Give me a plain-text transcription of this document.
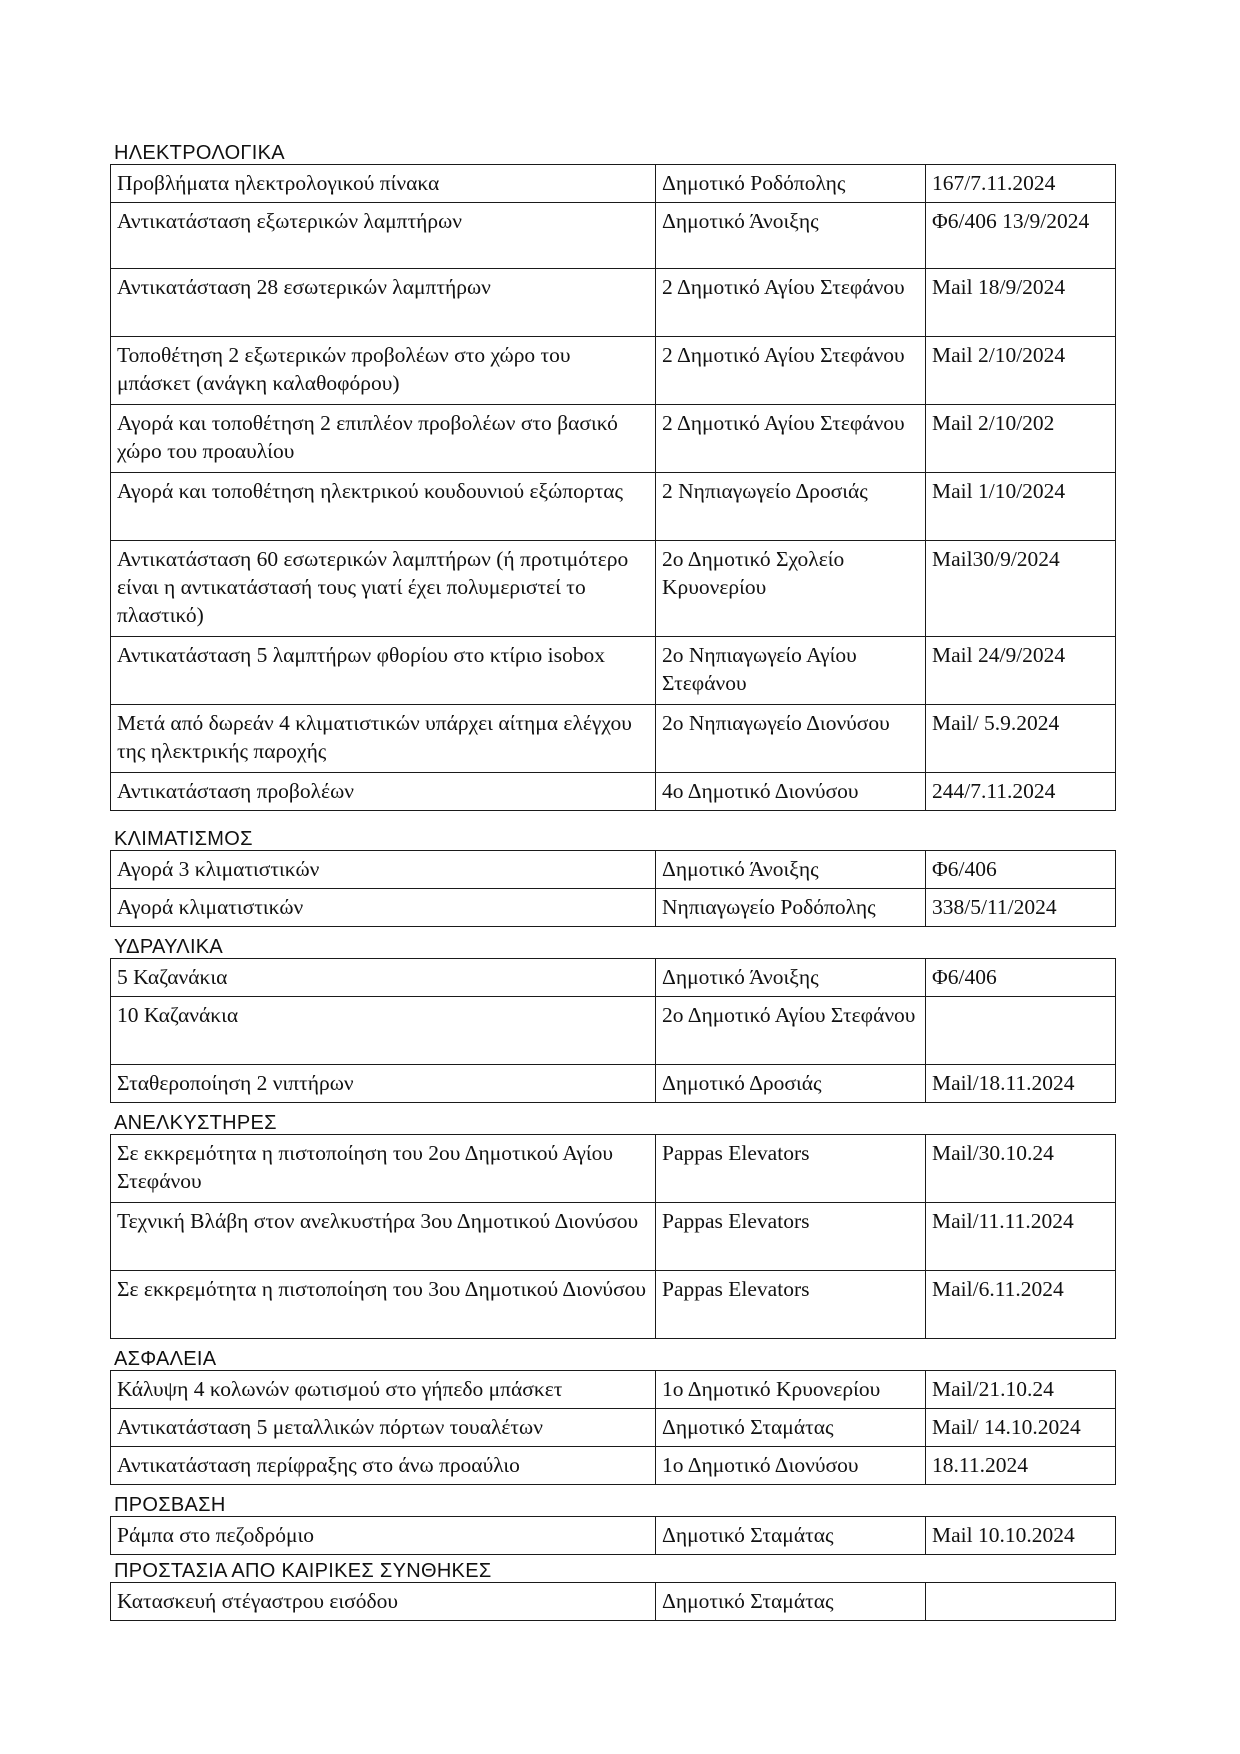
ΗΛΕΚΤΡΟΛΟΓΙΚΑ
Προβλήματα ηλεκτρολογικού πίνακα	Δημοτικό Ροδόπολης	167/7.11.2024
Αντικατάσταση εξωτερικών λαμπτήρων	Δημοτικό Άνοιξης	Φ6/406 13/9/2024
Αντικατάσταση 28 εσωτερικών λαμπτήρων	2 Δημοτικό Αγίου Στεφάνου	Mail 18/9/2024
Τοποθέτηση 2 εξωτερικών προβολέων στο χώρο του μπάσκετ (ανάγκη καλαθοφόρου)	2 Δημοτικό Αγίου Στεφάνου	Mail 2/10/2024
Αγορά και τοποθέτηση 2 επιπλέον προβολέων στο βασικό χώρο του προαυλίου	2 Δημοτικό Αγίου Στεφάνου	Mail 2/10/202
Αγορά και τοποθέτηση ηλεκτρικού κουδουνιού εξώπορτας	2 Νηπιαγωγείο Δροσιάς	Mail 1/10/2024
Αντικατάσταση 60 εσωτερικών λαμπτήρων (ή προτιμότερο είναι η αντικατάστασή τους γιατί έχει πολυμεριστεί το πλαστικό)	2ο Δημοτικό Σχολείο Κρυονερίου	Mail30/9/2024
Αντικατάσταση 5 λαμπτήρων φθορίου στο κτίριο isobox	2ο Νηπιαγωγείο Αγίου Στεφάνου	Mail 24/9/2024
Μετά από δωρεάν 4 κλιματιστικών υπάρχει αίτημα ελέγχου της ηλεκτρικής παροχής	2ο Νηπιαγωγείο Διονύσου	Mail/ 5.9.2024
Αντικατάσταση προβολέων	4ο Δημοτικό Διονύσου	244/7.11.2024
ΚΛΙΜΑΤΙΣΜΟΣ
Αγορά 3 κλιματιστικών	Δημοτικό Άνοιξης	Φ6/406
Αγορά κλιματιστικών	Νηπιαγωγείο Ροδόπολης	338/5/11/2024
ΥΔΡΑΥΛΙΚΑ
5 Καζανάκια	Δημοτικό Άνοιξης	Φ6/406
10 Καζανάκια	2ο Δημοτικό Αγίου Στεφάνου	
Σταθεροποίηση 2 νιπτήρων	Δημοτικό Δροσιάς	Mail/18.11.2024
ΑΝΕΛΚΥΣΤΗΡΕΣ
Σε εκκρεμότητα η πιστοποίηση του 2ου Δημοτικού Αγίου Στεφάνου	Pappas Elevators	Mail/30.10.24
Τεχνική Βλάβη στον ανελκυστήρα 3ου Δημοτικού Διονύσου	Pappas Elevators	Mail/11.11.2024
Σε εκκρεμότητα η πιστοποίηση του 3ου Δημοτικού Διονύσου	Pappas Elevators	Mail/6.11.2024
ΑΣΦΑΛΕΙΑ
Κάλυψη 4 κολωνών φωτισμού στο γήπεδο μπάσκετ	1ο Δημοτικό Κρυονερίου	Mail/21.10.24
Αντικατάσταση 5 μεταλλικών πόρτων τουαλέτων	Δημοτικό Σταμάτας	Mail/ 14.10.2024
Αντικατάσταση περίφραξης στο άνω προαύλιο	1ο Δημοτικό Διονύσου	18.11.2024
ΠΡΟΣΒΑΣΗ
Ράμπα στο πεζοδρόμιο	Δημοτικό Σταμάτας	Mail 10.10.2024
ΠΡΟΣΤΑΣΙΑ ΑΠΟ ΚΑΙΡΙΚΕΣ ΣΥΝΘΗΚΕΣ
Κατασκευή στέγαστρου εισόδου	Δημοτικό Σταμάτας	
